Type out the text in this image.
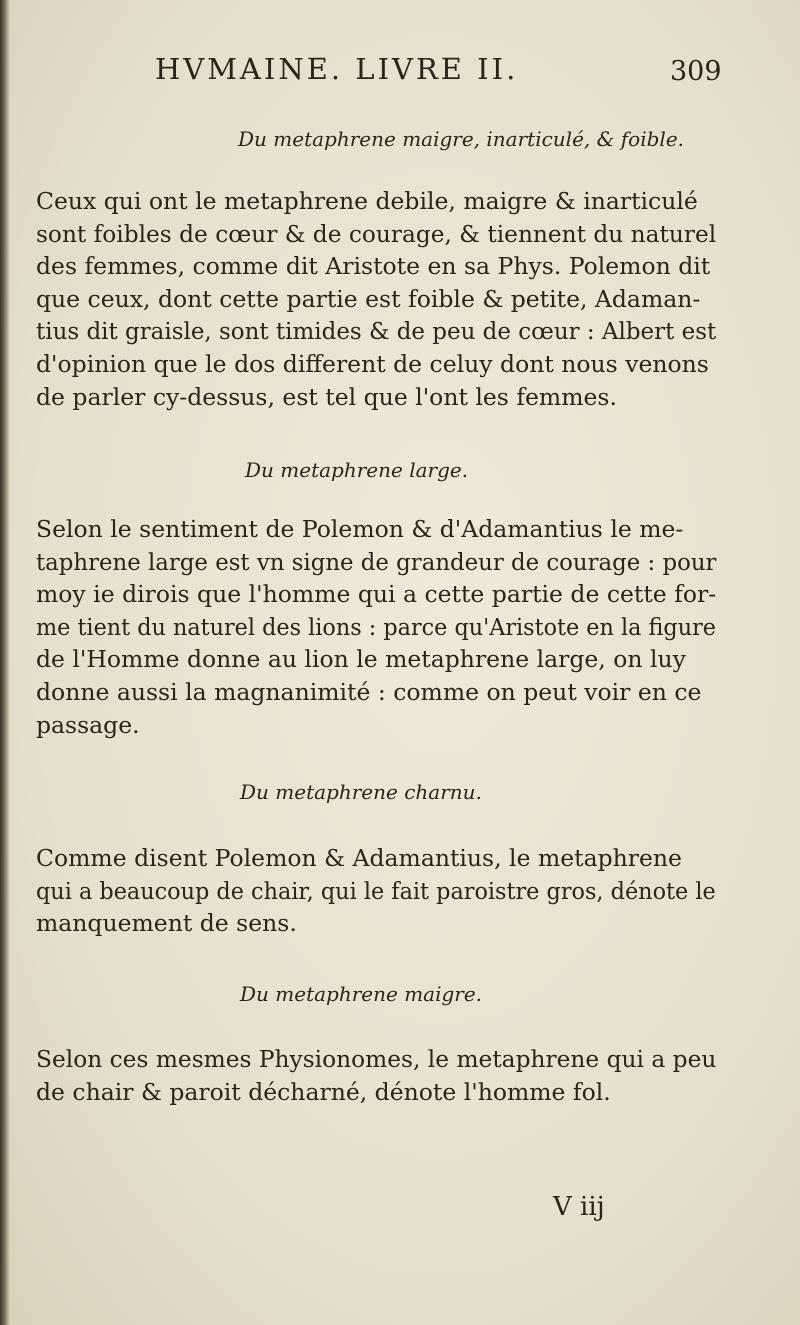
HVMAINE. LIVRE II.	309
Du metaphrene maigre, inarticulé, & foible.
Ceux qui ont le metaphrene debile, maigre & inarticulé
sont foibles de cœur & de courage, & tiennent du naturel
des femmes, comme dit Aristote en sa Phys. Polemon dit
que ceux, dont cette partie est foible & petite, Adaman-
tius dit graisle, sont timides & de peu de cœur : Albert est
d'opinion que le dos different de celuy dont nous venons
de parler cy-dessus, est tel que l'ont les femmes.
Du metaphrene large.
Selon le sentiment de Polemon & d'Adamantius le me-
taphrene large est vn signe de grandeur de courage : pour
moy ie dirois que l'homme qui a cette partie de cette for-
me tient du naturel des lions : parce qu'Aristote en la figure
de l'Homme donne au lion le metaphrene large, on luy
donne aussi la magnanimité : comme on peut voir en ce
passage.
Du metaphrene charnu.
Comme disent Polemon & Adamantius, le metaphrene
qui a beaucoup de chair, qui le fait paroistre gros, dénote le
manquement de sens.
Du metaphrene maigre.
Selon ces mesmes Physionomes, le metaphrene qui a peu
de chair & paroit décharné, dénote l'homme fol.
V iij
